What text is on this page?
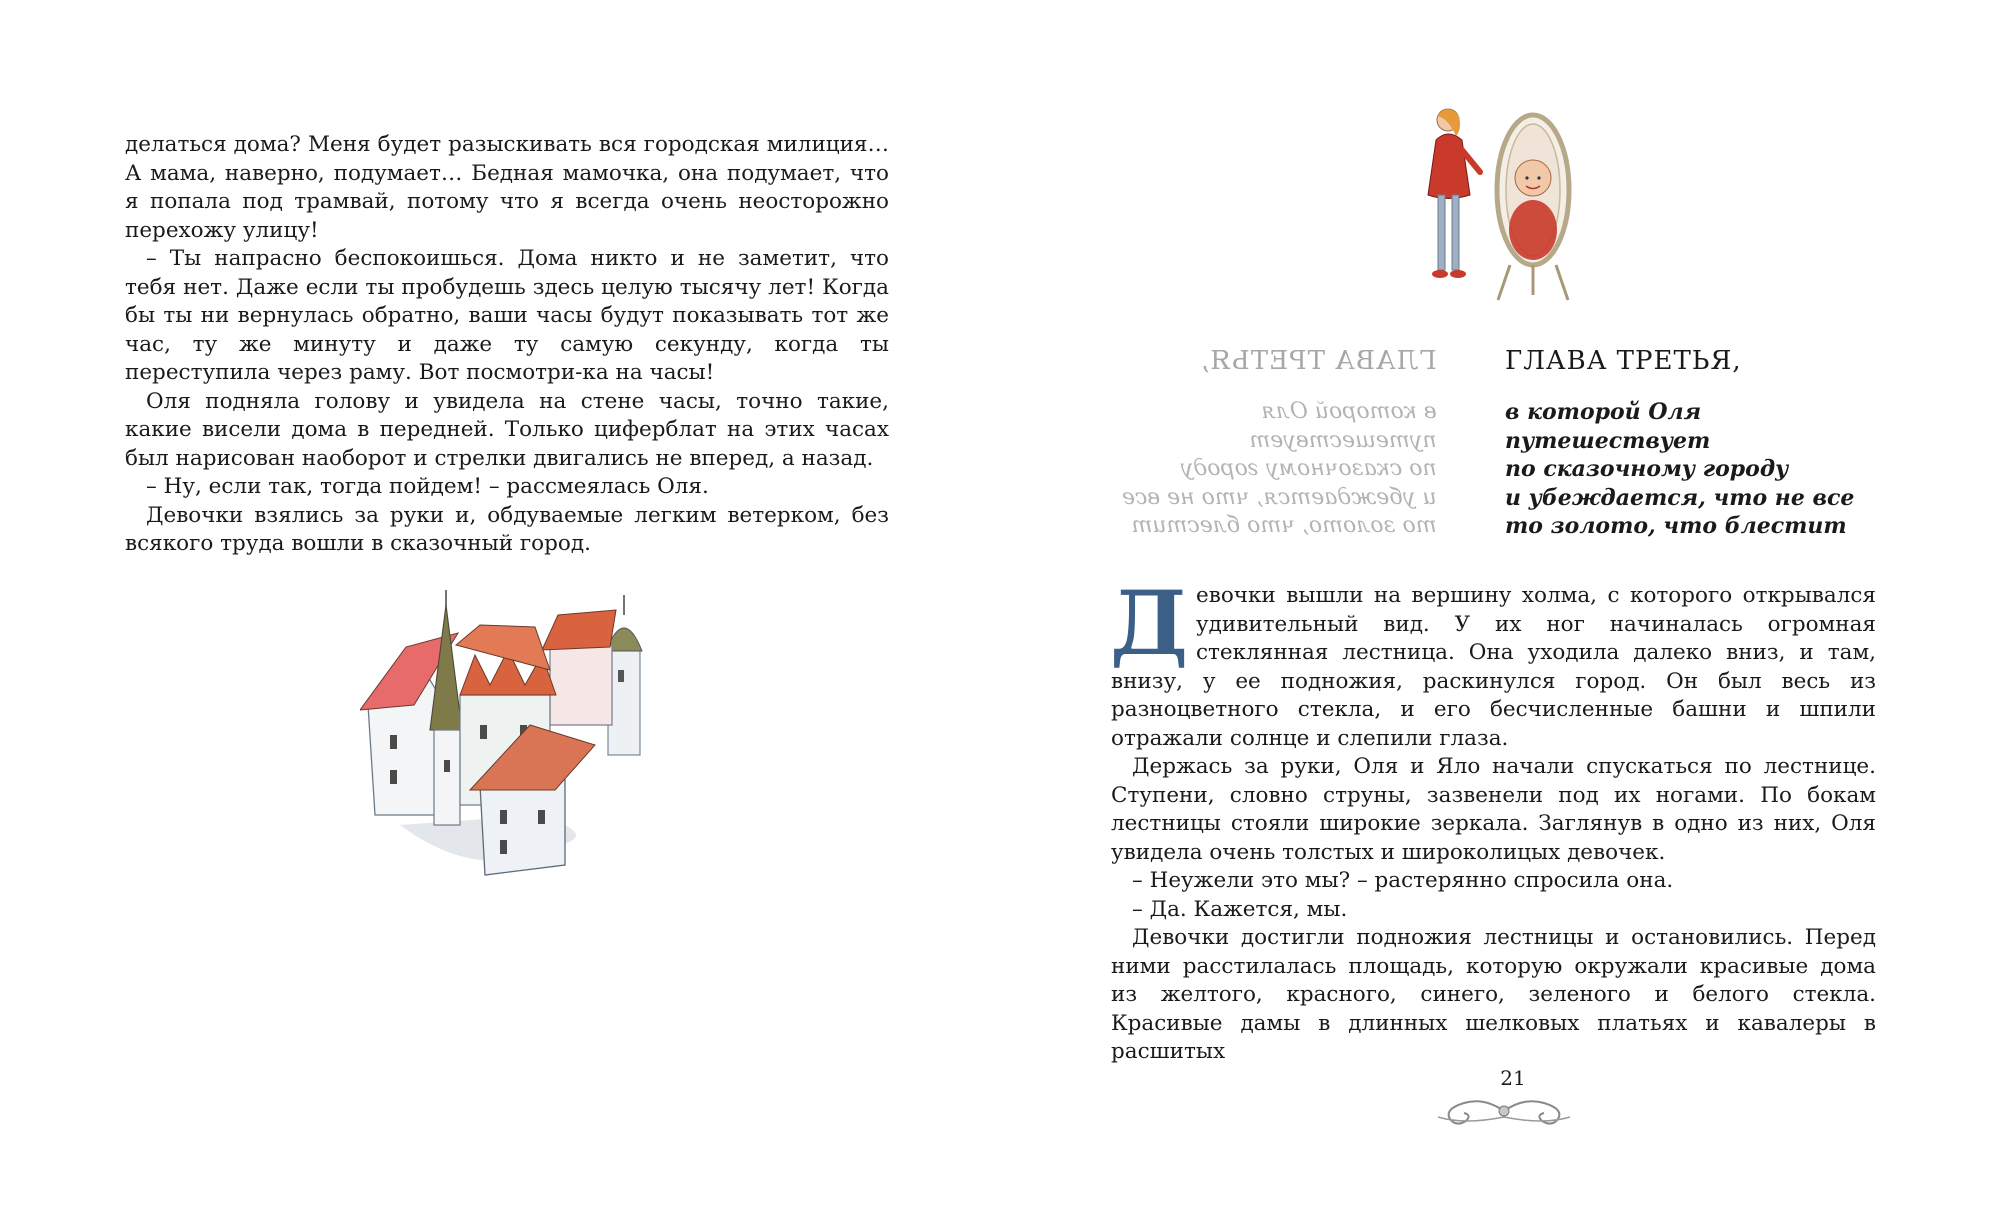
делаться дома? Меня будет разыскивать вся городская милиция… А мама, наверно, подумает… Бедная мамочка, она подумает, что я попала под трамвай, потому что я всегда очень неосторожно перехожу улицу!

– Ты напрасно беспокоишься. Дома никто и не заметит, что тебя нет. Даже если ты пробудешь здесь целую тысячу лет! Когда бы ты ни вернулась обратно, ваши часы будут показывать тот же час, ту же минуту и даже ту самую секунду, когда ты переступила через раму. Вот посмотри-ка на часы!

Оля подняла голову и увидела на стене часы, точно такие, какие висели дома в передней. Только циферблат на этих часах был нарисован наоборот и стрелки двигались не вперед, а назад.

– Ну, если так, тогда пойдем! – рассмеялась Оля.

Девочки взялись за руки и, обдуваемые легким ветерком, без всякого труда вошли в сказочный город.

ГЛАВА ТРЕТЬЯ,	ГЛАВА ТРЕТЬЯ,
в которой Оля
путешествует
по сказочному городу
и убеждается, что не все
то золото, что блестит
в которой Оля
путешествует
по сказочному городу
и убеждается, что не все
то золото, что блестит

Д евочки вышли на вершину холма, с которого открывался удивительный вид. У их ног начиналась огромная стеклянная лестница. Она уходила далеко вниз, и там, внизу, у ее подножия, раскинулся город. Он был весь из разноцветного стекла, и его бесчисленные башни и шпили отражали солнце и слепили глаза.

Держась за руки, Оля и Яло начали спускаться по лестнице. Ступени, словно струны, зазвенели под их ногами. По бокам лестницы стояли широкие зеркала. Заглянув в одно из них, Оля увидела очень толстых и широколицых девочек.

– Неужели это мы? – растерянно спросила она.

– Да. Кажется, мы.

Девочки достигли подножия лестницы и остановились. Перед ними расстилалась площадь, которую окружали красивые дома из желтого, красного, синего, зеленого и белого стекла. Красивые дамы в длинных шелковых платьях и кавалеры в расшитых

21
